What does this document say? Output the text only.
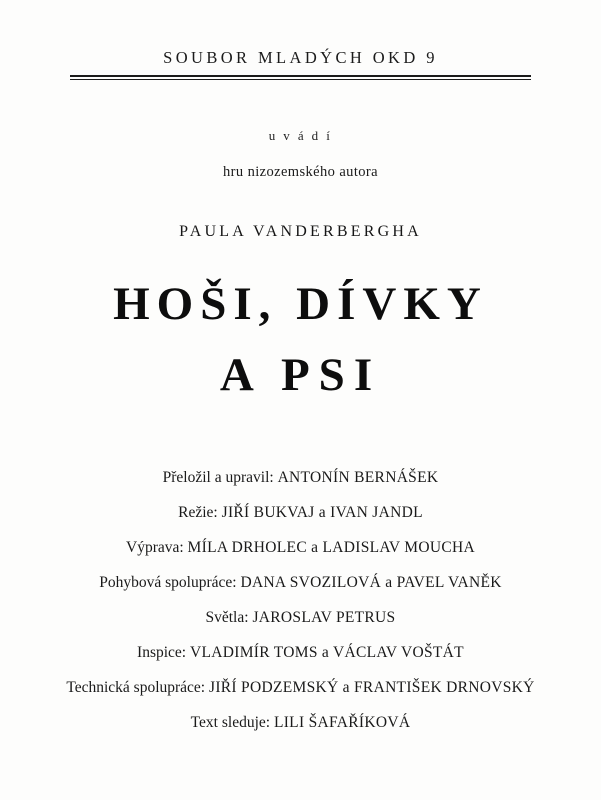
SOUBOR MLADÝCH OKD 9
u v á d í
hru nizozemského autora
PAULA VANDERBERGHA
HOŠI, DÍVKY
A PSI
Přeložil a upravil: ANTONÍN BERNÁŠEK
Režie: JIŘÍ BUKVAJ a IVAN JANDL
Výprava: MÍLA DRHOLEC a LADISLAV MOUCHA
Pohybová spolupráce: DANA SVOZILOVÁ a PAVEL VANĚK
Světla: JAROSLAV PETRUS
Inspice: VLADIMÍR TOMS a VÁCLAV VOŠTÁT
Technická spolupráce: JIŘÍ PODZEMSKÝ a FRANTIŠEK DRNOVSKÝ
Text sleduje: LILI ŠAFAŘÍKOVÁ
